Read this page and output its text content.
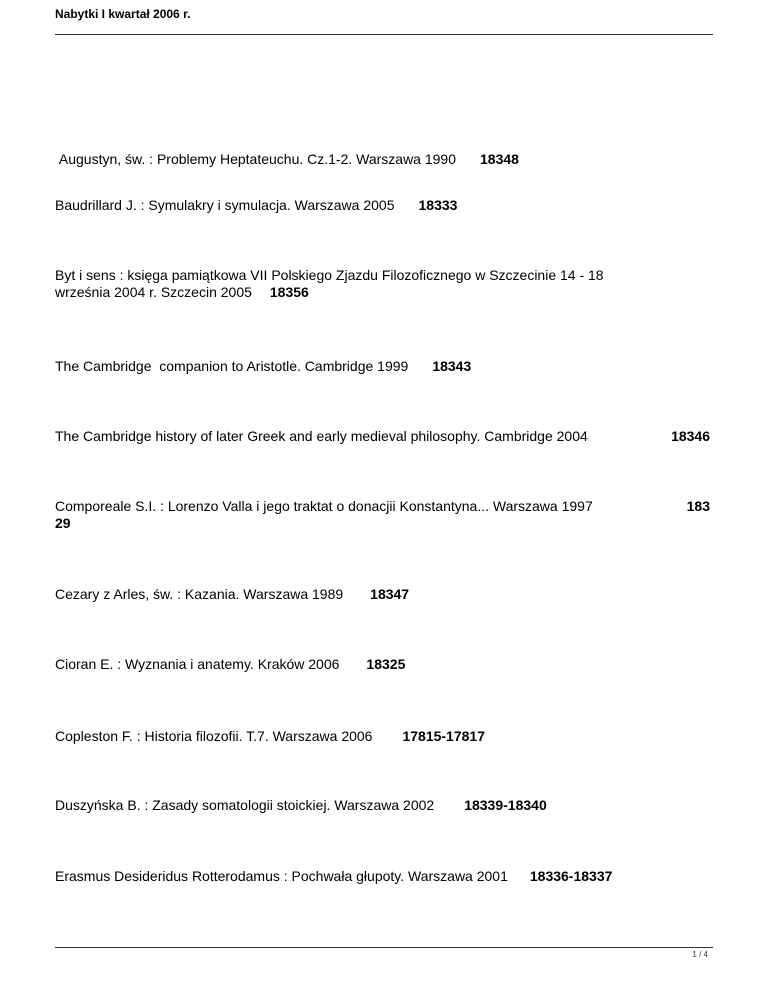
Nabytki I kwartał 2006 r.
Augustyn, św. : Problemy Heptateuchu. Cz.1-2. Warszawa 1990 18348
Baudrillard J. : Symulakry i symulacja. Warszawa 2005 18333
Byt i sens : księga pamiątkowa VII Polskiego Zjazdu Filozoficznego w Szczecinie 14 - 18
września 2004 r. Szczecin 2005 18356
The Cambridge  companion to Aristotle. Cambridge 1999 18343
The Cambridge history of later Greek and early medieval philosophy. Cambridge 2004	18346
Comporeale S.I. : Lorenzo Valla i jego traktat o donacjii Konstantyna... Warszawa 1997	183
29
Cezary z Arles, św. : Kazania. Warszawa 1989 18347
Cioran E. : Wyznania i anatemy. Kraków 2006 18325
Copleston F. : Historia filozofii. T.7. Warszawa 2006 17815-17817
Duszyńska B. : Zasady somatologii stoickiej. Warszawa 2002 18339-18340
Erasmus Desideridus Rotterodamus : Pochwała głupoty. Warszawa 2001 18336-18337
1 / 4
